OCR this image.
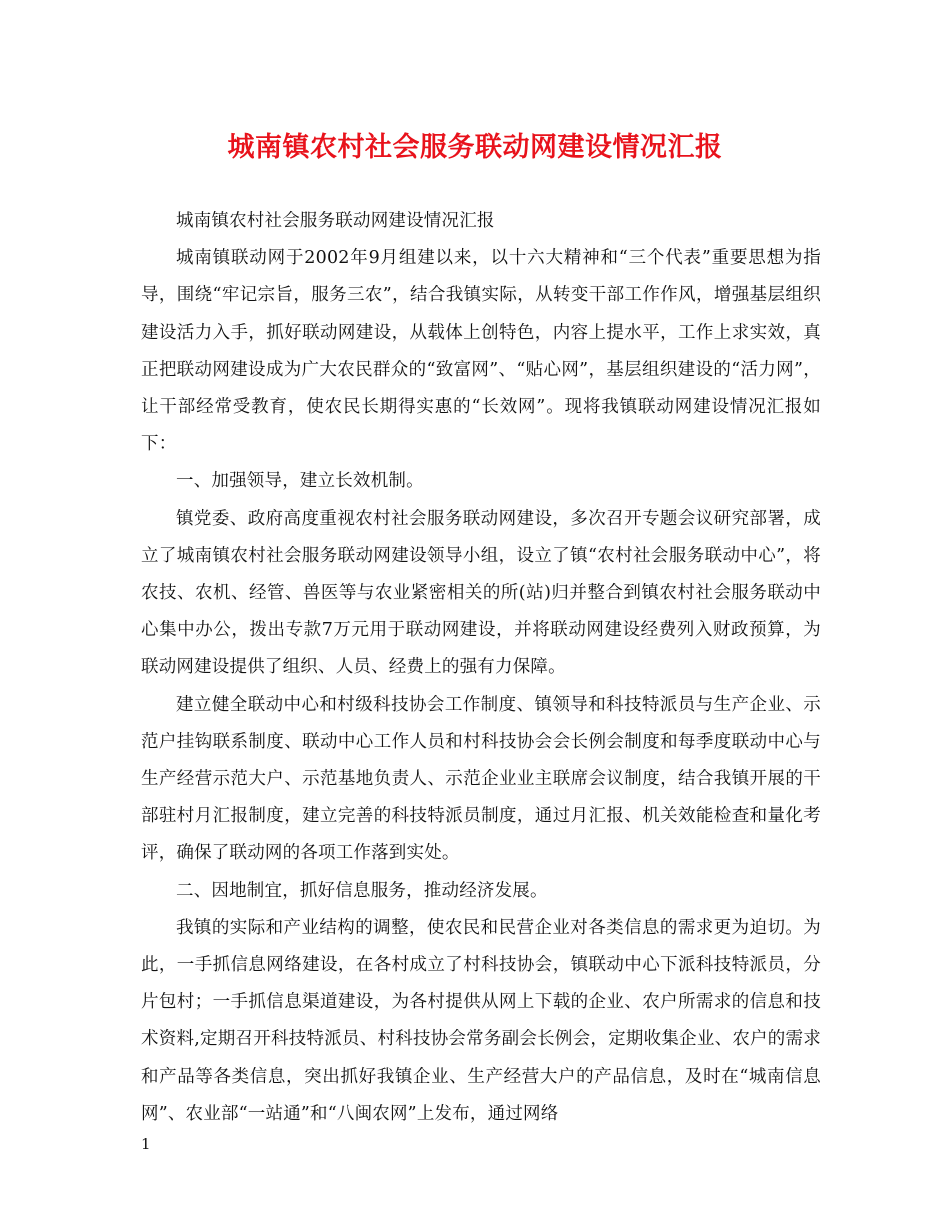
城南镇农村社会服务联动网建设情况汇报

城南镇农村社会服务联动网建设情况汇报

城南镇联动网于2002年9月组建以来，以十六大精神和“三个代表”重要思想为指导，围绕“牢记宗旨，服务三农”，结合我镇实际，从转变干部工作作风，增强基层组织建设活力入手，抓好联动网建设，从载体上创特色，内容上提水平，工作上求实效，真正把联动网建设成为广大农民群众的“致富网”、“贴心网”，基层组织建设的“活力网”，让干部经常受教育，使农民长期得实惠的“长效网”。现将我镇联动网建设情况汇报如下：

一、加强领导，建立长效机制。

镇党委、政府高度重视农村社会服务联动网建设，多次召开专题会议研究部署，成立了城南镇农村社会服务联动网建设领导小组，设立了镇“农村社会服务联动中心”，将农技、农机、经管、兽医等与农业紧密相关的所(站)归并整合到镇农村社会服务联动中心集中办公，拨出专款7万元用于联动网建设，并将联动网建设经费列入财政预算，为联动网建设提供了组织、人员、经费上的强有力保障。

建立健全联动中心和村级科技协会工作制度、镇领导和科技特派员与生产企业、示范户挂钩联系制度、联动中心工作人员和村科技协会会长例会制度和每季度联动中心与生产经营示范大户、示范基地负责人、示范企业业主联席会议制度，结合我镇开展的干部驻村月汇报制度，建立完善的科技特派员制度，通过月汇报、机关效能检查和量化考评，确保了联动网的各项工作落到实处。

二、因地制宜，抓好信息服务，推动经济发展。

我镇的实际和产业结构的调整，使农民和民营企业对各类信息的需求更为迫切。为此，一手抓信息网络建设，在各村成立了村科技协会，镇联动中心下派科技特派员，分片包村；一手抓信息渠道建设，为各村提供从网上下载的企业、农户所需求的信息和技术资料,定期召开科技特派员、村科技协会常务副会长例会，定期收集企业、农户的需求和产品等各类信息，突出抓好我镇企业、生产经营大户的产品信息，及时在“城南信息网”、农业部“一站通”和“八闽农网”上发布，通过网络

1
